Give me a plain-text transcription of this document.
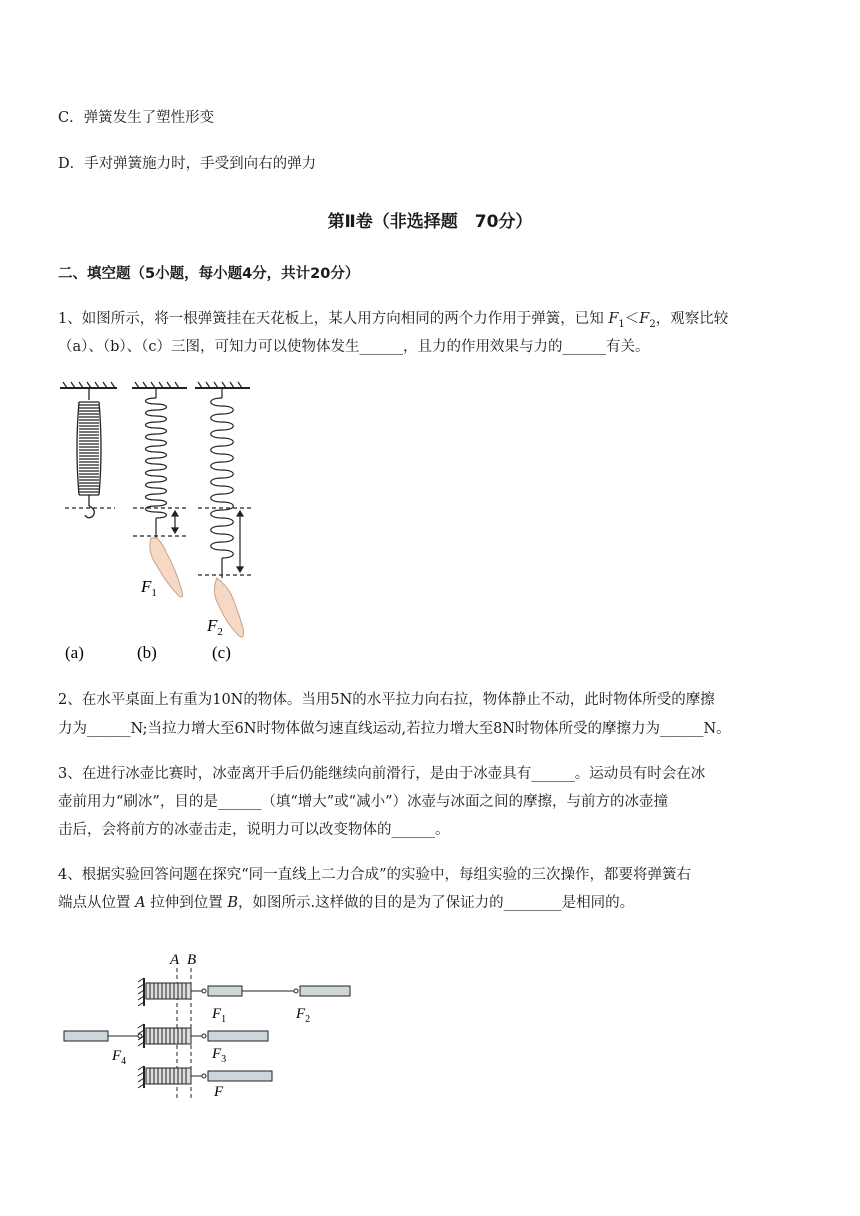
C．弹簧发生了塑性形变
D．手对弹簧施力时，手受到向右的弹力
第Ⅱ卷（非选择题　70分）
二、填空题（5小题，每小题4分，共计20分）
1、如图所示，将一根弹簧挂在天花板上，某人用方向相同的两个力作用于弹簧，已知 $F_1<F_2$，观察比较
（a）、（b）、（c）三图，可知力可以使物体发生______，且力的作用效果与力的______有关。
$F_1$
$F_2$
(a)	(b)	(c)
2、在水平桌面上有重为10N的物体。当用5N的水平拉力向右拉，物体静止不动，此时物体所受的摩擦
力为______N;当拉力增大至6N时物体做匀速直线运动,若拉力增大至8N时物体所受的摩擦力为______N。
3、在进行冰壶比赛时，冰壶离开手后仍能继续向前滑行，是由于冰壶具有______。运动员有时会在冰
壶前用力“刷冰”，目的是______（填“增大”或“减小”）冰壶与冰面之间的摩擦，与前方的冰壶撞
击后，会将前方的冰壶击走，说明力可以改变物体的______。
4、根据实验回答问题在探究“同一直线上二力合成”的实验中，每组实验的三次操作，都要将弹簧右
端点从位置 A 拉伸到位置 B，如图所示.这样做的目的是为了保证力的________是相同的。
A B
$F_1$	$F_2$
$F_4$	$F_3$
F
